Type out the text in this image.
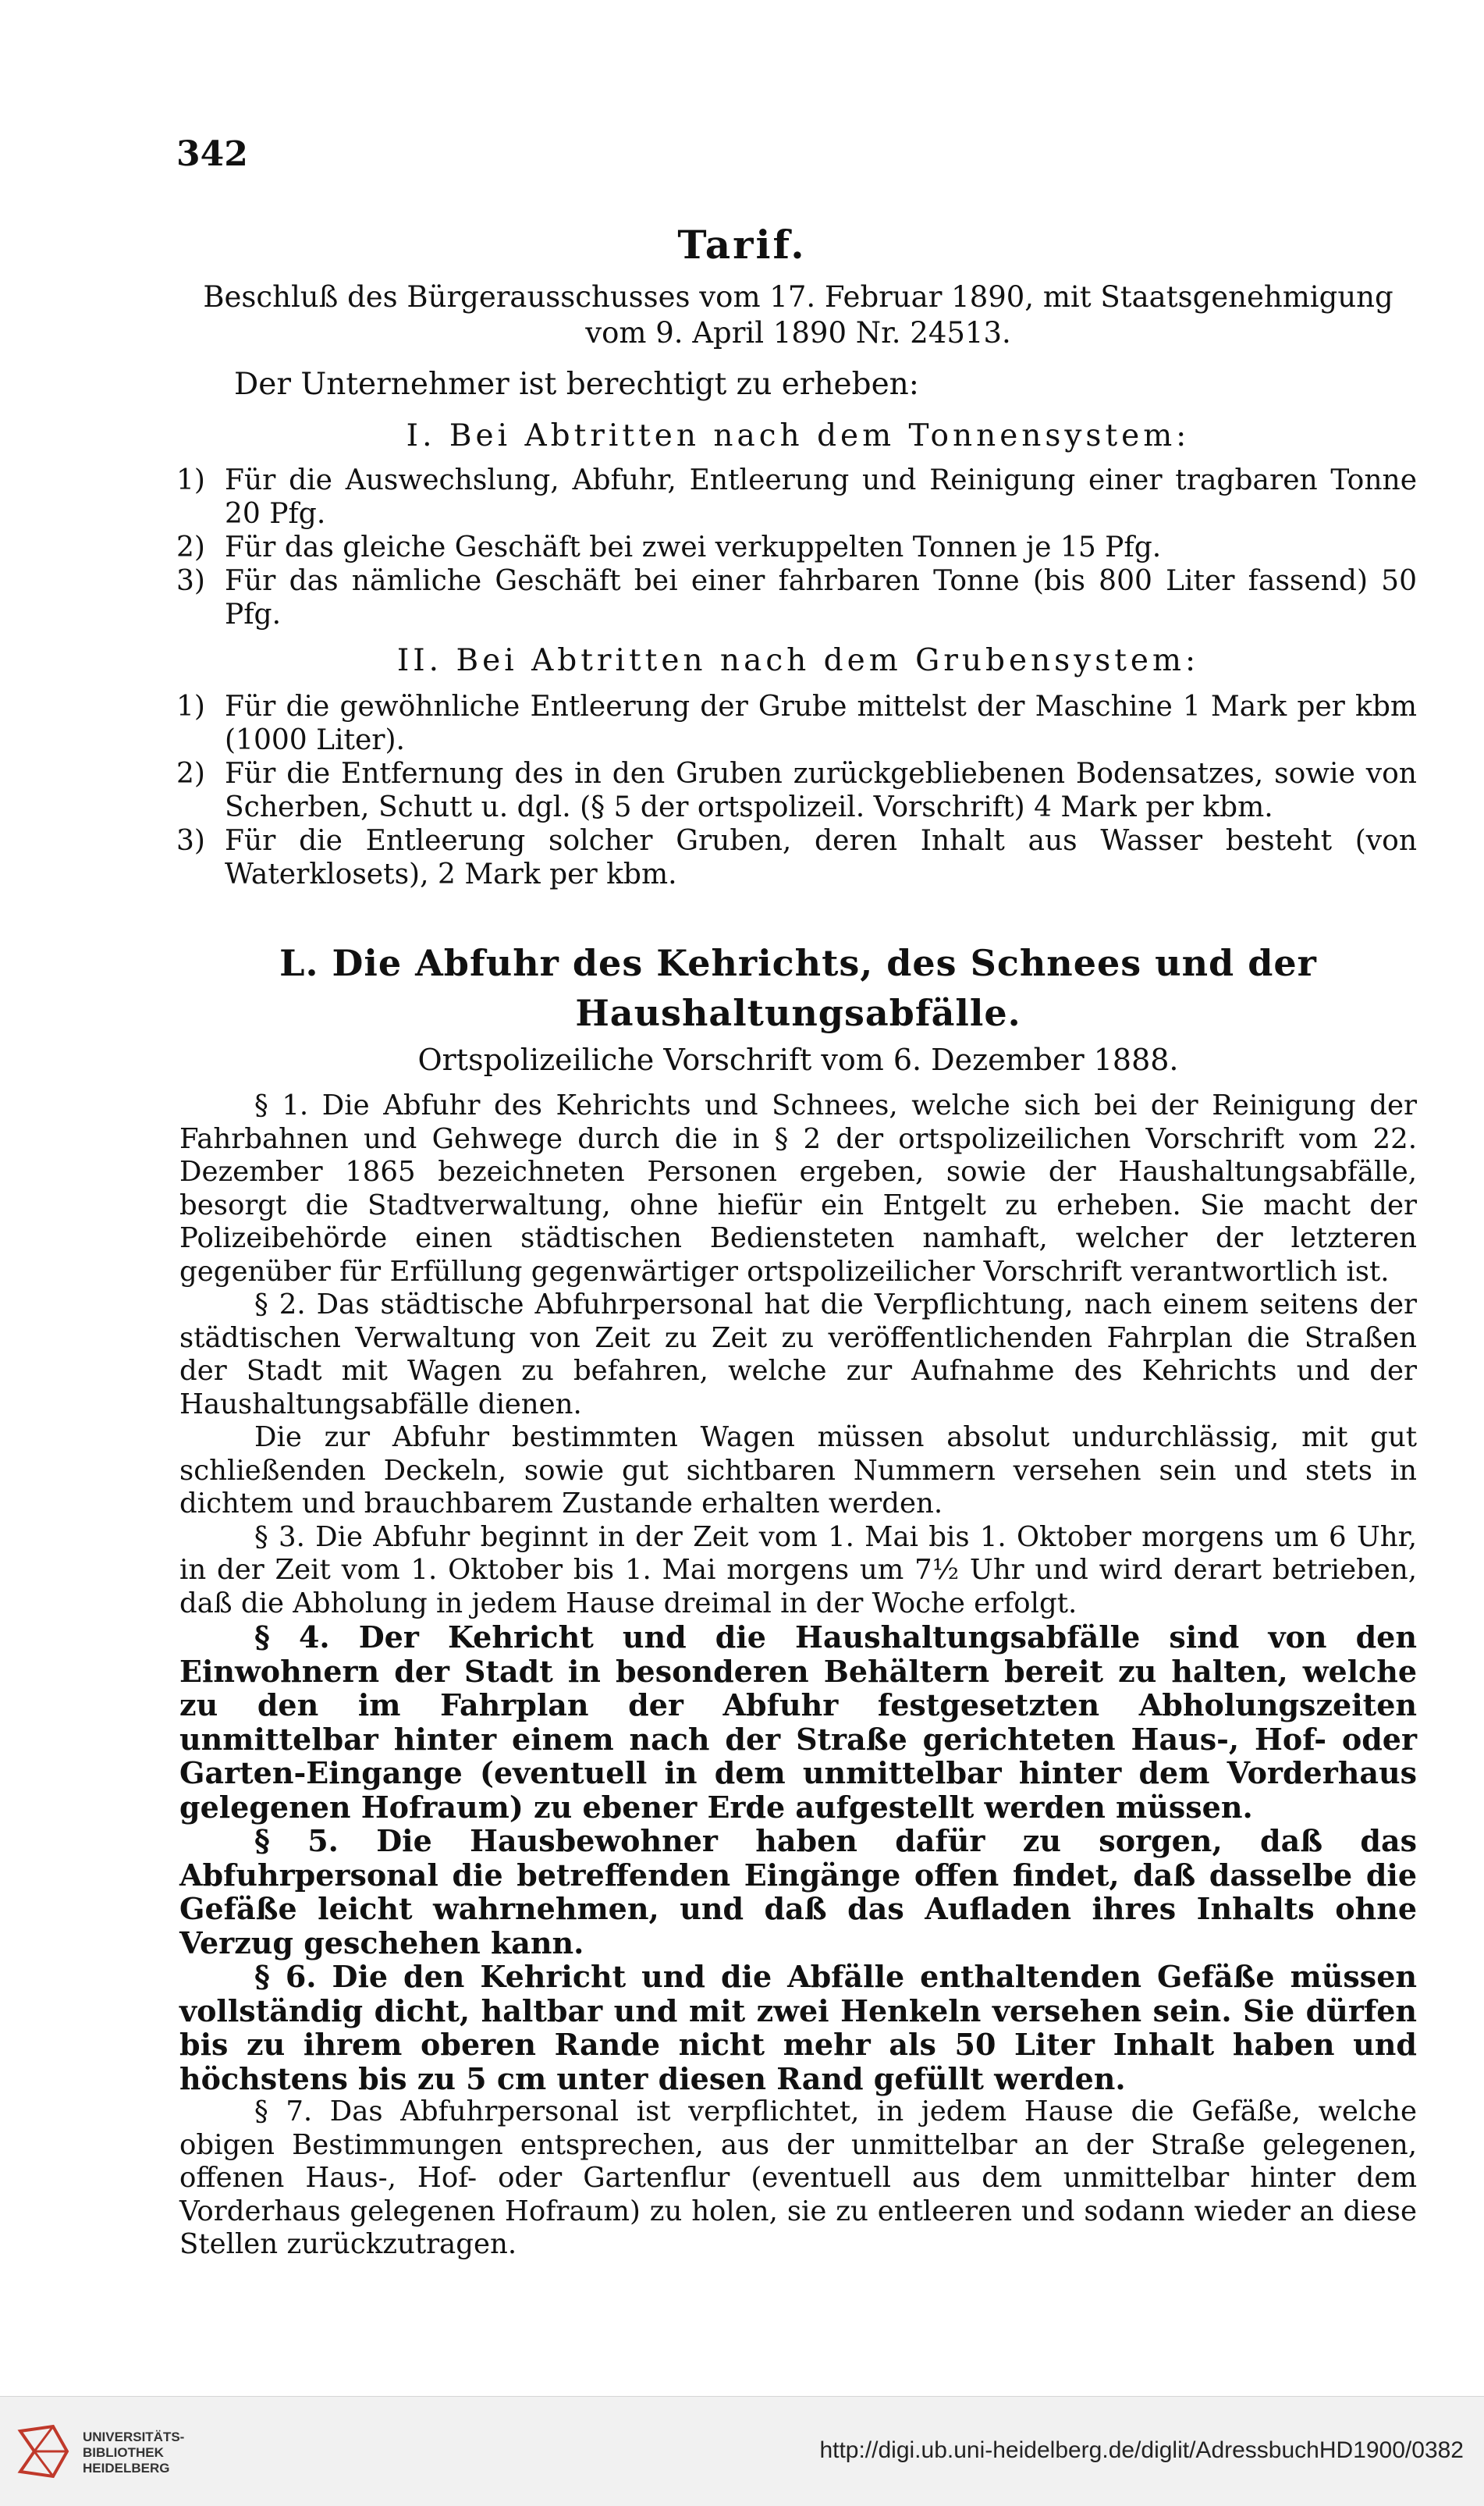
342
Tarif.
Beschluß des Bürgerausschusses vom 17. Februar 1890, mit Staatsgenehmigung
vom 9. April 1890 Nr. 24513.
Der Unternehmer ist berechtigt zu erheben:
I. Bei Abtritten nach dem Tonnensystem:
1) Für die Auswechslung, Abfuhr, Entleerung und Reinigung einer tragbaren Tonne 20 Pfg.
2) Für das gleiche Geschäft bei zwei verkuppelten Tonnen je 15 Pfg.
3) Für das nämliche Geschäft bei einer fahrbaren Tonne (bis 800 Liter fassend) 50 Pfg.
II. Bei Abtritten nach dem Grubensystem:
1) Für die gewöhnliche Entleerung der Grube mittelst der Maschine 1 Mark per kbm (1000 Liter).
2) Für die Entfernung des in den Gruben zurückgebliebenen Bodensatzes, sowie von Scherben, Schutt u. dgl. (§ 5 der ortspolizeil. Vorschrift) 4 Mark per kbm.
3) Für die Entleerung solcher Gruben, deren Inhalt aus Wasser besteht (von Waterklosets), 2 Mark per kbm.
L. Die Abfuhr des Kehrichts, des Schnees und der
Haushaltungsabfälle.
Ortspolizeiliche Vorschrift vom 6. Dezember 1888.

§ 1. Die Abfuhr des Kehrichts und Schnees, welche sich bei der Reinigung der Fahrbahnen und Gehwege durch die in § 2 der ortspolizeilichen Vorschrift vom 22. Dezember 1865 bezeichneten Personen ergeben, sowie der Haushaltungsabfälle, besorgt die Stadtverwaltung, ohne hiefür ein Entgelt zu erheben. Sie macht der Polizeibehörde einen städtischen Bediensteten namhaft, welcher der letzteren gegenüber für Erfüllung gegenwärtiger ortspolizeilicher Vorschrift verantwortlich ist.

§ 2. Das städtische Abfuhrpersonal hat die Verpflichtung, nach einem seitens der städtischen Verwaltung von Zeit zu Zeit zu veröffentlichenden Fahrplan die Straßen der Stadt mit Wagen zu befahren, welche zur Aufnahme des Kehrichts und der Haushaltungsabfälle dienen.

Die zur Abfuhr bestimmten Wagen müssen absolut undurchlässig, mit gut schließenden Deckeln, sowie gut sichtbaren Nummern versehen sein und stets in dichtem und brauchbarem Zustande erhalten werden.

§ 3. Die Abfuhr beginnt in der Zeit vom 1. Mai bis 1. Oktober morgens um 6 Uhr, in der Zeit vom 1. Oktober bis 1. Mai morgens um 7½ Uhr und wird derart betrieben, daß die Abholung in jedem Hause dreimal in der Woche erfolgt.

§ 4. Der Kehricht und die Haushaltungsabfälle sind von den Einwohnern der Stadt in besonderen Behältern bereit zu halten, welche zu den im Fahrplan der Abfuhr festgesetzten Abholungszeiten unmittelbar hinter einem nach der Straße gerichteten Haus-, Hof- oder Garten-Eingange (eventuell in dem unmittelbar hinter dem Vorderhaus gelegenen Hofraum) zu ebener Erde aufgestellt werden müssen.

§ 5. Die Hausbewohner haben dafür zu sorgen, daß das Abfuhrpersonal die betreffenden Eingänge offen findet, daß dasselbe die Gefäße leicht wahrnehmen, und daß das Aufladen ihres Inhalts ohne Verzug geschehen kann.

§ 6. Die den Kehricht und die Abfälle enthaltenden Gefäße müssen vollständig dicht, haltbar und mit zwei Henkeln versehen sein. Sie dürfen bis zu ihrem oberen Rande nicht mehr als 50 Liter Inhalt haben und höchstens bis zu 5 cm unter diesen Rand gefüllt werden.

§ 7. Das Abfuhrpersonal ist verpflichtet, in jedem Hause die Gefäße, welche obigen Bestimmungen entsprechen, aus der unmittelbar an der Straße gelegenen, offenen Haus-, Hof- oder Gartenflur (eventuell aus dem unmittelbar hinter dem Vorderhaus gelegenen Hofraum) zu holen, sie zu entleeren und sodann wieder an diese Stellen zurückzutragen.

UNIVERSITÄTS-
BIBLIOTHEK
HEIDELBERG
http://digi.ub.uni-heidelberg.de/diglit/AdressbuchHD1900/0382
